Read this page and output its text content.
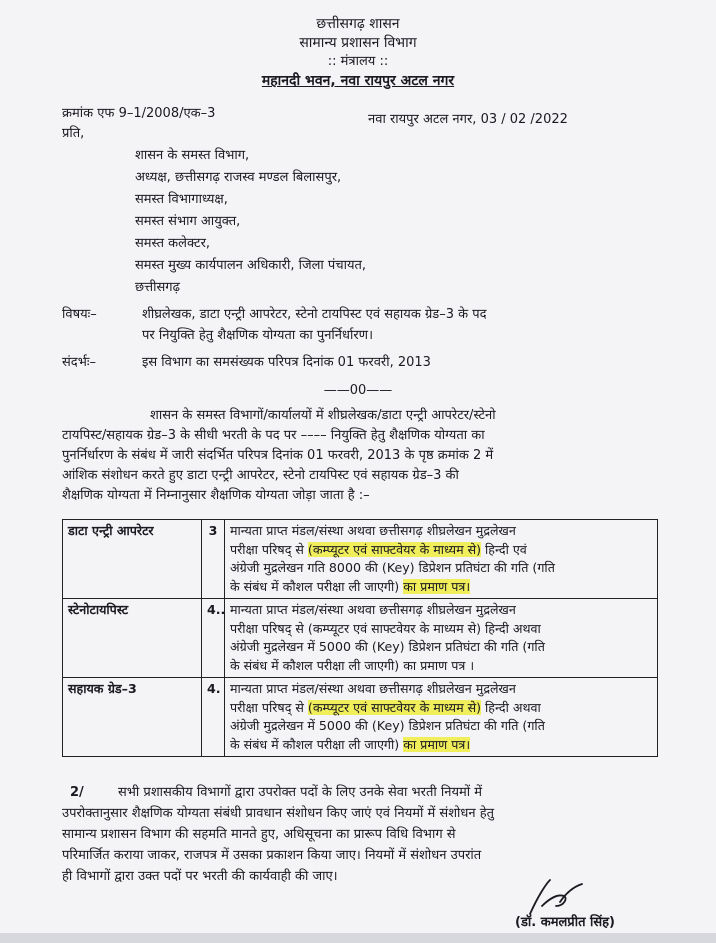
छत्तीसगढ़ शासन
सामान्य प्रशासन विभाग
:: मंत्रालय ::
महानदी भवन, नवा रायपुर अटल नगर
क्रमांक एफ 9–1/2008/एक–3	नवा रायपुर अटल नगर, 03 / 02 /2022
प्रति,
शासन के समस्त विभाग,
अध्यक्ष, छत्तीसगढ़ राजस्व मण्डल बिलासपुर,
समस्त विभागाध्यक्ष,
समस्त संभाग आयुक्त,
समस्त कलेक्टर,
समस्त मुख्य कार्यपालन अधिकारी, जिला पंचायत,
छत्तीसगढ़
विषयः–	शीघ्रलेखक, डाटा एन्ट्री आपरेटर, स्टेनो टायपिस्ट एवं सहायक ग्रेड–3 के पद
पर नियुक्ति हेतु शैक्षणिक योग्यता का पुनर्निर्धारण।
संदर्भः–	इस विभाग का समसंख्यक परिपत्र दिनांक 01 फरवरी, 2013
——00——
शासन के समस्त विभागों/कार्यालयों में शीघ्रलेखक/डाटा एन्ट्री आपरेटर/स्टेनो
टायपिस्ट/सहायक ग्रेड–3 के सीधी भरती के पद पर –––– नियुक्ति हेतु शैक्षणिक योग्यता का
पुनर्निर्धारण के संबंध में जारी संदर्भित परिपत्र दिनांक 01 फरवरी, 2013 के पृष्ठ क्रमांक 2 में
आंशिक संशोधन करते हुए डाटा एन्ट्री आपरेटर, स्टेनो टायपिस्ट एवं सहायक ग्रेड–3 की
शैक्षणिक योग्यता में निम्नानुसार शैक्षणिक योग्यता जोड़ा जाता है :–
डाटा एन्ट्री आपरेटर	3	मान्यता प्राप्त मंडल/संस्था अथवा छत्तीसगढ़ शीघ्रलेखन मुद्रलेखन
परीक्षा परिषद् से (कम्प्यूटर एवं साफ्टवेयर के माध्यम से) हिन्दी एवं
अंग्रेजी मुद्रलेखन गति 8000 की (Key) डिप्रेशन प्रतिघंटा की गति (गति
के संबंध में कौशल परीक्षा ली जाएगी) का प्रमाण पत्र।

स्टेनोटायपिस्ट	4..	मान्यता प्राप्त मंडल/संस्था अथवा छत्तीसगढ़ शीघ्रलेखन मुद्रलेखन
परीक्षा परिषद् से (कम्प्यूटर एवं साफ्टवेयर के माध्यम से) हिन्दी अथवा
अंग्रेजी मुद्रलेखन में 5000 की (Key) डिप्रेशन प्रतिघंटा की गति (गति
के संबंध में कौशल परीक्षा ली जाएगी) का प्रमाण पत्र ।

सहायक ग्रेड–3	4.	मान्यता प्राप्त मंडल/संस्था अथवा छत्तीसगढ़ शीघ्रलेखन मुद्रलेखन
परीक्षा परिषद् से (कम्प्यूटर एवं साफ्टवेयर के माध्यम से) हिन्दी अथवा
अंग्रेजी मुद्रलेखन में 5000 की (Key) डिप्रेशन प्रतिघंटा की गति (गति
के संबंध में कौशल परीक्षा ली जाएगी) का प्रमाण पत्र।
2/	सभी प्रशासकीय विभागों द्वारा उपरोक्त पदों के लिए उनके सेवा भरती नियमों में
उपरोक्तानुसार शैक्षणिक योग्यता संबंधी प्रावधान संशोधन किए जाएं एवं नियमों में संशोधन हेतु
सामान्य प्रशासन विभाग की सहमति मानते हुए, अधिसूचना का प्रारूप विधि विभाग से
परिमार्जित कराया जाकर, राजपत्र में उसका प्रकाशन किया जाए। नियमों में संशोधन उपरांत
ही विभागों द्वारा उक्त पदों पर भरती की कार्यवाही की जाए।
(डॉ. कमलप्रीत सिंह)
